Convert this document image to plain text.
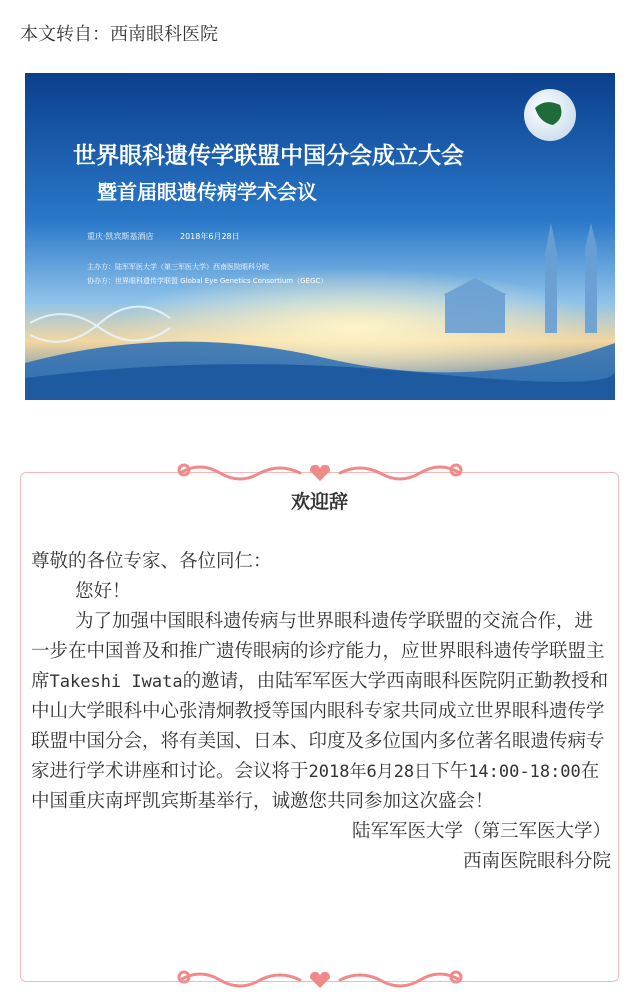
本文转自：西南眼科医院
世界眼科遗传学联盟中国分会成立大会
暨首届眼遗传病学术会议
重庆·凯宾斯基酒店	2018年6月28日
主办方：陆军军医大学（第三军医大学）西南医院眼科分院
协办方：世界眼科遗传学联盟 Global Eye Genetics Consortium（GEGC）
欢迎辞

尊敬的各位专家、各位同仁：

您好！

为了加强中国眼科遗传病与世界眼科遗传学联盟的交流合作，进一步在中国普及和推广遗传眼病的诊疗能力，应世界眼科遗传学联盟主席Takeshi Iwata的邀请，由陆军军医大学西南眼科医院阴正勤教授和中山大学眼科中心张清炯教授等国内眼科专家共同成立世界眼科遗传学联盟中国分会，将有美国、日本、印度及多位国内多位著名眼遗传病专家进行学术讲座和讨论。会议将于2018年6月28日下午14:00-18:00在中国重庆南坪凯宾斯基举行，诚邀您共同参加这次盛会！

陆军军医大学（第三军医大学）

西南医院眼科分院
